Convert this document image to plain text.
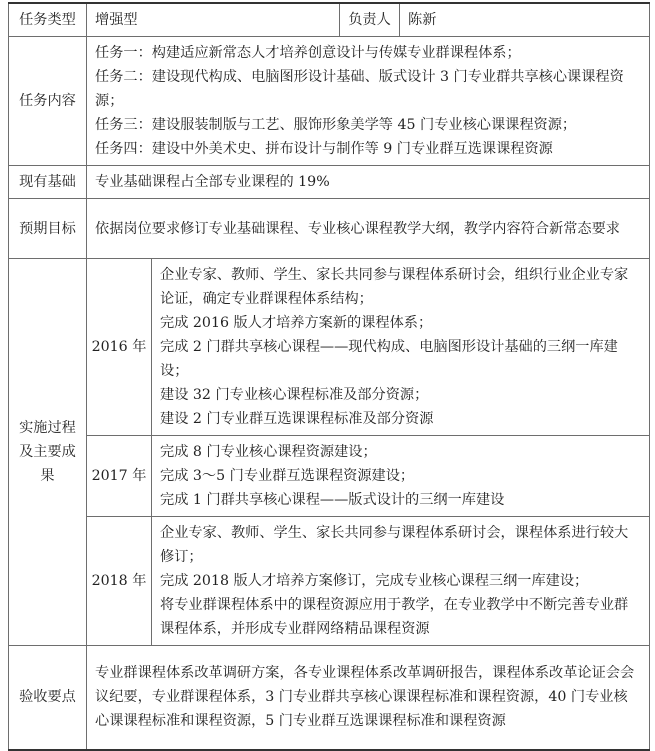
任务类型	增强型		负责人	陈新
任务内容	任务一：构建适应新常态人才培养创意设计与传媒专业群课程体系；
任务二：建设现代构成、电脑图形设计基础、版式设计 3 门专业群共享核心课课程资源；
任务三：建设服装制版与工艺、服饰形象美学等 45 门专业核心课课程资源；
任务四：建设中外美术史、拼布设计与制作等 9 门专业群互选课课程资源			

现有基础	专业基础课程占全部专业课程的 19%			
预期目标	依据岗位要求修订专业基础课程、专业核心课程教学大纲，教学内容符合新常态要求			

实施过程
及主要成
果	2016 年	企业专家、教师、学生、家长共同参与课程体系研讨会，组织行业企业专家论证，确定专业群课程体系结构；
完成 2016 版人才培养方案新的课程体系；
完成 2 门群共享核心课程——现代构成、电脑图形设计基础的三纲一库建设；
建设 32 门专业核心课程标准及部分资源；
建设 2 门专业群互选课课程标准及部分资源		

	2017 年	完成 8 门专业核心课程资源建设；
完成 3～5 门专业群互选课程资源建设；
完成 1 门群共享核心课程——版式设计的三纲一库建设		

	2018 年	企业专家、教师、学生、家长共同参与课程体系研讨会，课程体系进行较大修订；
完成 2018 版人才培养方案修订，完成专业核心课程三纲一库建设；
将专业群课程体系中的课程资源应用于教学，在专业教学中不断完善专业群课程体系，并形成专业群网络精品课程资源		

验收要点	专业群课程体系改革调研方案，各专业课程体系改革调研报告，课程体系改革论证会会议纪要，专业群课程体系，3 门专业群共享核心课课程标准和课程资源，40 门专业核心课课程标准和课程资源，5 门专业群互选课课程标准和课程资源			
